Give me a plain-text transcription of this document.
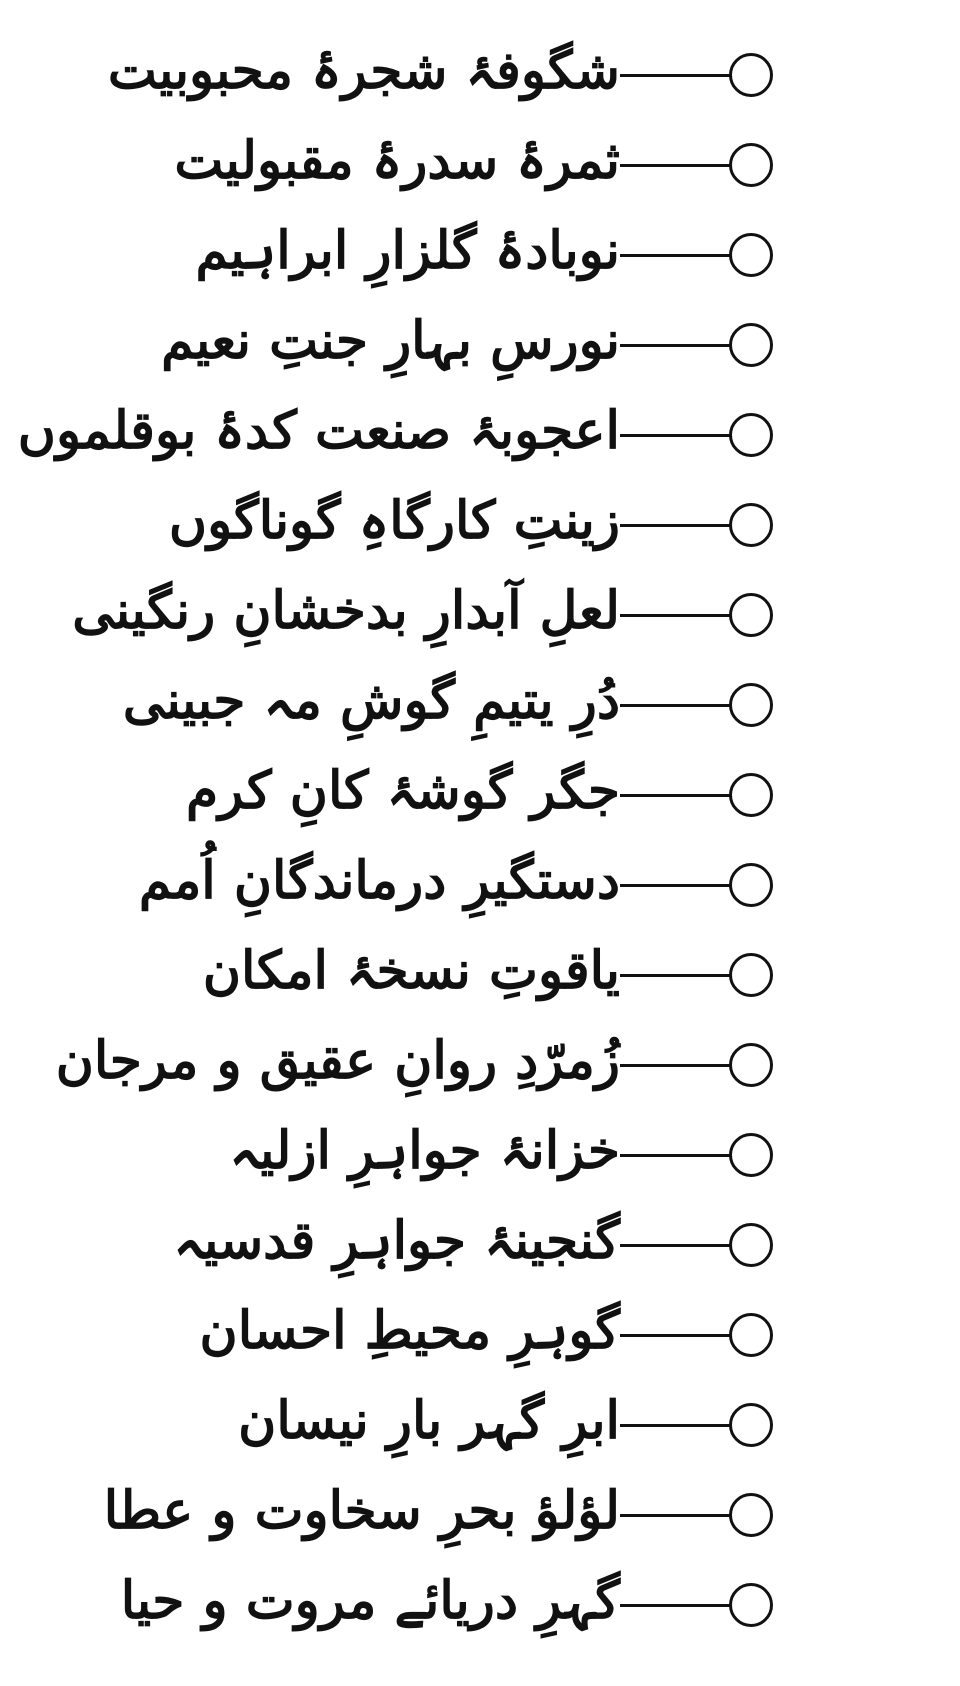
شگوفۂ شجرۂ محبوبیت
ثمرۂ سدرۂ مقبولیت
نوبادۂ گلزارِ ابراہیم
نورسِ بہارِ جنتِ نعیم
اعجوبۂ صنعت کدۂ بوقلموں
زینتِ کارگاہِ گوناگوں
لعلِ آبدارِ بدخشانِ رنگینی
دُرِ یتیمِ گوشِ مہ جبینی
جگر گوشۂ کانِ کرم
دستگیرِ درماندگانِ اُمم
یاقوتِ نسخۂ امکان
زُمرّدِ روانِ عقیق و مرجان
خزانۂ جواہرِ ازلیہ
گنجینۂ جواہرِ قدسیہ
گوہرِ محیطِ احسان
ابرِ گہر بارِ نیسان
لؤلؤ بحرِ سخاوت و عطا
گہرِ دریائے مروت و حیا
